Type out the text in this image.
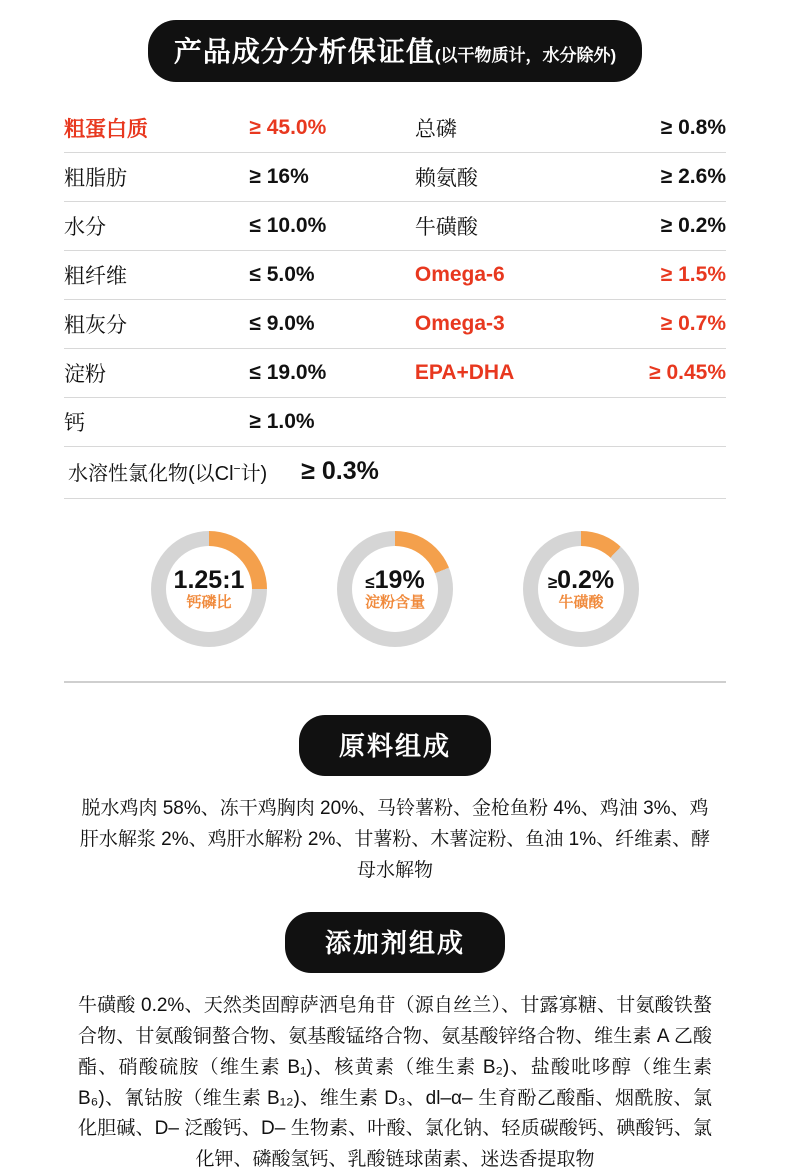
产品成分分析保证值 (以干物质计，水分除外)
粗蛋白质	≥ 45.0%	总磷	≥ 0.8%
粗脂肪	≥ 16%	赖氨酸	≥ 2.6%
水分	≤ 10.0%	牛磺酸	≥ 0.2%
粗纤维	≤ 5.0%	Omega-6	≥ 1.5%
粗灰分	≤ 9.0%	Omega-3	≥ 0.7%
淀粉	≤ 19.0%	EPA+DHA	≥ 0.45%
钙	≥ 1.0%		
水溶性氯化物(以Cl−计) ≥ 0.3%
1.25:1
钙磷比
≤19%
淀粉含量
≥0.2%
牛磺酸
原料组成
脱水鸡肉 58%、冻干鸡胸肉 20%、马铃薯粉、金枪鱼粉 4%、鸡油 3%、鸡肝水解浆 2%、鸡肝水解粉 2%、甘薯粉、木薯淀粉、鱼油 1%、纤维素、酵母水解物
添加剂组成
牛磺酸 0.2%、天然类固醇萨洒皂角苷（源自丝兰）、甘露寡糖、甘氨酸铁螯合物、甘氨酸铜螯合物、氨基酸锰络合物、氨基酸锌络合物、维生素 A 乙酸酯、硝酸硫胺（维生素 B₁)、核黄素（维生素 B₂)、盐酸吡哆醇（维生素 B₆)、氰钴胺（维生素 B₁₂)、维生素 D₃、dl–α– 生育酚乙酸酯、烟酰胺、氯化胆碱、D– 泛酸钙、D– 生物素、叶酸、氯化钠、轻质碳酸钙、碘酸钙、氯化钾、磷酸氢钙、乳酸链球菌素、迷迭香提取物
